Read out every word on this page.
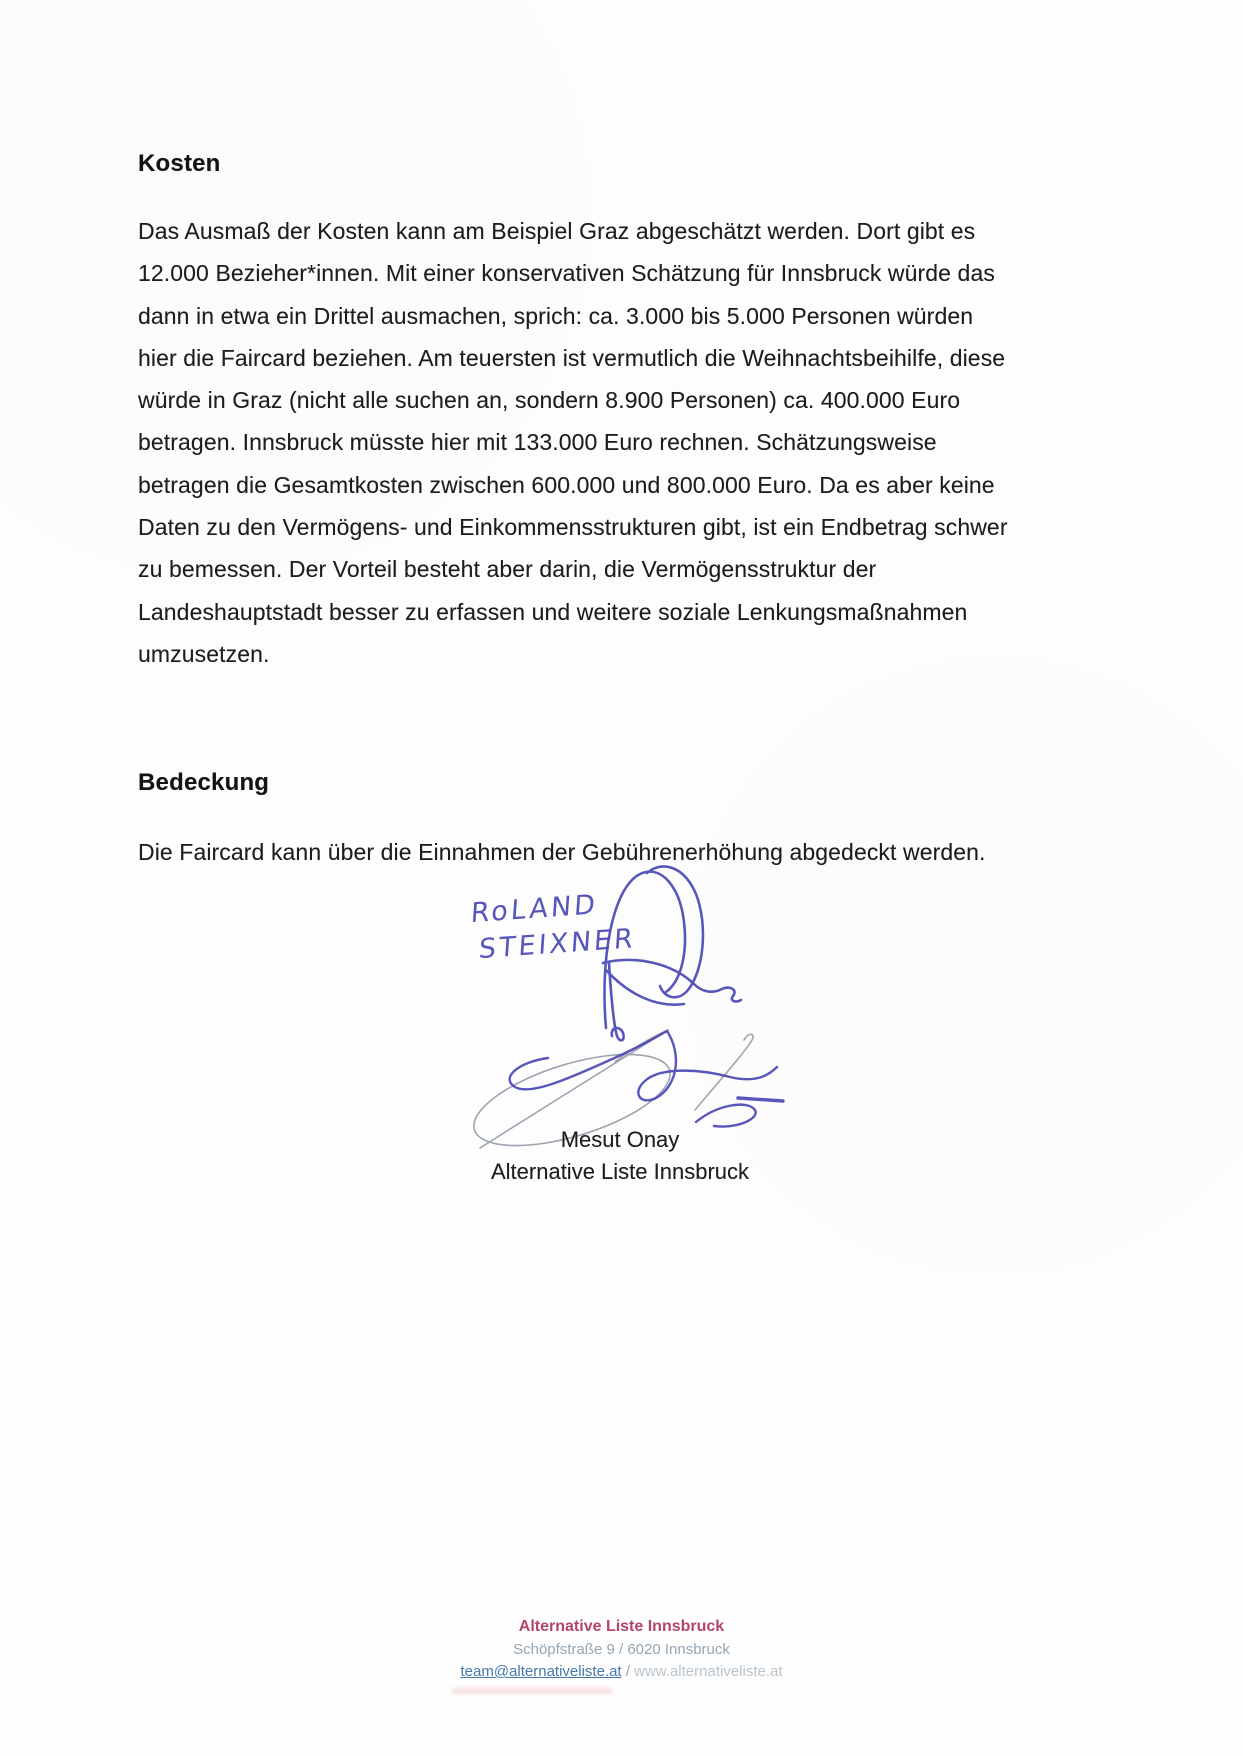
Kosten
Das Ausmaß der Kosten kann am Beispiel Graz abgeschätzt werden. Dort gibt es
12.000 Bezieher*innen. Mit einer konservativen Schätzung für Innsbruck würde das
dann in etwa ein Drittel ausmachen, sprich: ca. 3.000 bis 5.000 Personen würden
hier die Faircard beziehen. Am teuersten ist vermutlich die Weihnachtsbeihilfe, diese
würde in Graz (nicht alle suchen an, sondern 8.900 Personen) ca. 400.000 Euro
betragen. Innsbruck müsste hier mit 133.000 Euro rechnen. Schätzungsweise
betragen die Gesamtkosten zwischen 600.000 und 800.000 Euro. Da es aber keine
Daten zu den Vermögens- und Einkommensstrukturen gibt, ist ein Endbetrag schwer
zu bemessen. Der Vorteil besteht aber darin, die Vermögensstruktur der
Landeshauptstadt besser zu erfassen und weitere soziale Lenkungsmaßnahmen
umzusetzen.
Bedeckung
Die Faircard kann über die Einnahmen der Gebührenerhöhung abgedeckt werden.
RoLAND
STEIXNER
Mesut Onay
Alternative Liste Innsbruck
Alternative Liste Innsbruck
Schöpfstraße 9 / 6020 Innsbruck
team@alternativeliste.at / www.alternativeliste.at
